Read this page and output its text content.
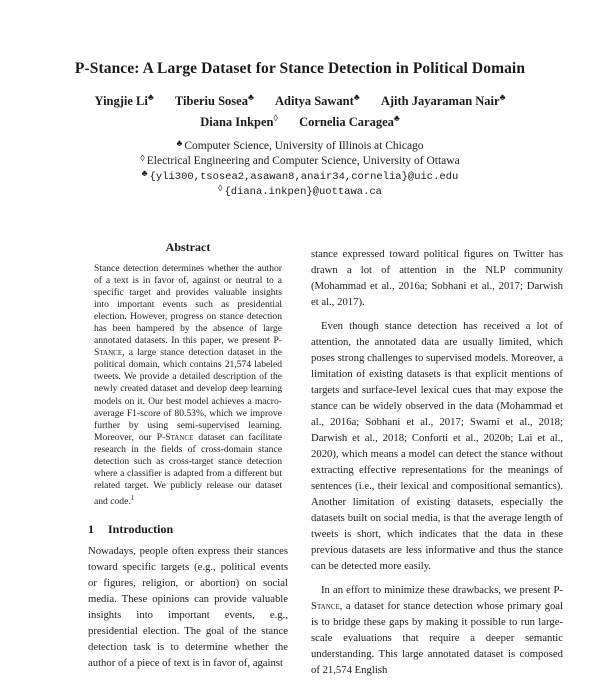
P-Stance: A Large Dataset for Stance Detection in Political Domain
Yingjie Li♣ Tiberiu Sosea♣ Aditya Sawant♣ Ajith Jayaraman Nair♣
Diana Inkpen◊ Cornelia Caragea♣
♣ Computer Science, University of Illinois at Chicago
◊ Electrical Engineering and Computer Science, University of Ottawa
♣ {yli300,tsosea2,asawan8,anair34,cornelia}@uic.edu
◊ {diana.inkpen}@uottawa.ca
Abstract
Stance detection determines whether the author of a text is in favor of, against or neutral to a specific target and provides valuable insights into important events such as presidential election. However, progress on stance detection has been hampered by the absence of large annotated datasets. In this paper, we present P-Stance, a large stance detection dataset in the political domain, which contains 21,574 labeled tweets. We provide a detailed description of the newly created dataset and develop deep learning models on it. Our best model achieves a macro-average F1-score of 80.53%, which we improve further by using semi-supervised learning. Moreover, our P-Stance dataset can facilitate research in the fields of cross-domain stance detection such as cross-target stance detection where a classifier is adapted from a different but related target. We publicly release our dataset and code.$^1$
1 Introduction

Nowadays, people often express their stances toward specific targets (e.g., political events or figures, religion, or abortion) on social media. These opinions can provide valuable insights into important events, e.g., presidential election. The goal of the stance detection task is to determine whether the author of a piece of text is in favor of, against

stance expressed toward political figures on Twitter has drawn a lot of attention in the NLP community (Mohammad et al., 2016a; Sobhani et al., 2017; Darwish et al., 2017).

Even though stance detection has received a lot of attention, the annotated data are usually limited, which poses strong challenges to supervised models. Moreover, a limitation of existing datasets is that explicit mentions of targets and surface-level lexical cues that may expose the stance can be widely observed in the data (Mohammad et al., 2016a; Sobhani et al., 2017; Swami et al., 2018; Darwish et al., 2018; Conforti et al., 2020b; Lai et al., 2020), which means a model can detect the stance without extracting effective representations for the meanings of sentences (i.e., their lexical and compositional semantics). Another limitation of existing datasets, especially the datasets built on social media, is that the average length of tweets is short, which indicates that the data in these previous datasets are less informative and thus the stance can be detected more easily.

In an effort to minimize these drawbacks, we present P-Stance, a dataset for stance detection whose primary goal is to bridge these gaps by making it possible to run large-scale evaluations that require a deeper semantic understanding. This large annotated dataset is composed of 21,574 English
